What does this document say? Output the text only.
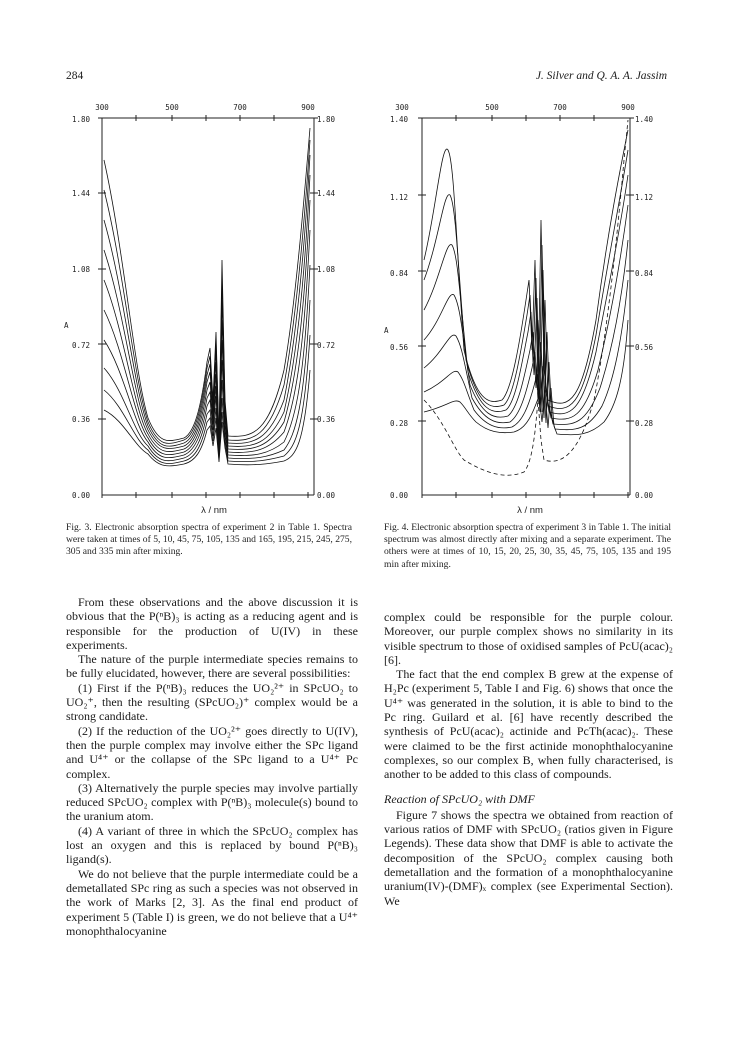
284	J. Silver and Q. A. A. Jassim
300	500	700	900
1.80
1.44
1.08
0.72
0.36
0.00
A
1.80
1.44
1.08
0.72
0.36
0.00
λ / nm
Fig. 3. Electronic absorption spectra of experiment 2 in Table 1. Spectra were taken at times of 5, 10, 45, 75, 105, 135 and 165, 195, 215, 245, 275, 305 and 335 min after mixing.
300	500	700	900
1.40
1.12
0.84
0.56
0.28
0.00
A
1.40
1.12
0.84
0.56
0.28
0.00
λ / nm
Fig. 4. Electronic absorption spectra of experiment 3 in Table 1. The initial spectrum was almost directly after mixing and a separate experiment. The others were at times of 10, 15, 20, 25, 30, 35, 45, 75, 105, 135 and 195 min after mixing.

From these observations and the above discussion it is obvious that the P(ⁿB)₃ is acting as a reducing agent and is responsible for the production of U(IV) in these experiments.

The nature of the purple intermediate species remains to be fully elucidated, however, there are several possibilities:

(1) First if the P(ⁿB)₃ reduces the UO₂²⁺ in SPcUO₂ to UO₂⁺, then the resulting (SPcUO₂)⁺ complex would be a strong candidate.

(2) If the reduction of the UO₂²⁺ goes directly to U(IV), then the purple complex may involve either the SPc ligand and U⁴⁺ or the collapse of the SPc ligand to a U⁴⁺ Pc complex.

(3) Alternatively the purple species may involve partially reduced SPcUO₂ complex with P(ⁿB)₃ molecule(s) bound to the uranium atom.

(4) A variant of three in which the SPcUO₂ complex has lost an oxygen and this is replaced by bound P(ⁿB)₃ ligand(s).

We do not believe that the purple intermediate could be a demetallated SPc ring as such a species was not observed in the work of Marks [2, 3]. As the final end product of experiment 5 (Table I) is green, we do not believe that a U⁴⁺ monophthalocyanine

complex could be responsible for the purple colour. Moreover, our purple complex shows no similarity in its visible spectrum to those of oxidised samples of PcU(acac)₂ [6].

The fact that the end complex B grew at the expense of H₂Pc (experiment 5, Table I and Fig. 6) shows that once the U⁴⁺ was generated in the solution, it is able to bind to the Pc ring. Guilard et al. [6] have recently described the synthesis of PcU(acac)₂ actinide and PcTh(acac)₂. These were claimed to be the first actinide monophthalocyanine complexes, so our complex B, when fully characterised, is another to be added to this class of compounds.

Reaction of SPcUO₂ with DMF

Figure 7 shows the spectra we obtained from reaction of various ratios of DMF with SPcUO₂ (ratios given in Figure Legends). These data show that DMF is able to activate the decomposition of the SPcUO₂ complex causing both demetallation and the formation of a monophthalocyanine uranium(IV)-(DMF)ₓ complex (see Experimental Section). We
